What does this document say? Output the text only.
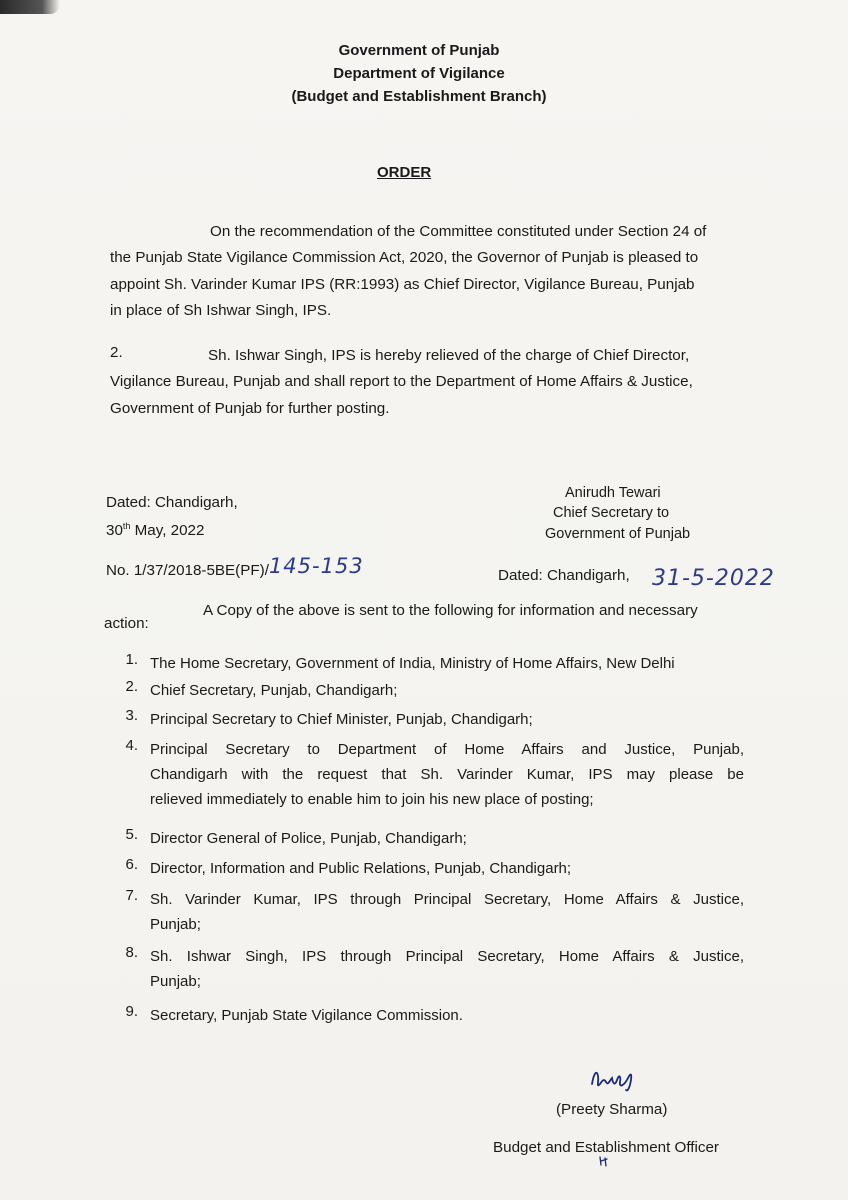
Government of Punjab
Department of Vigilance
(Budget and Establishment Branch)
ORDER
On the recommendation of the Committee constituted under Section 24 of
the Punjab State Vigilance Commission Act, 2020, the Governor of Punjab is pleased to
appoint Sh. Varinder Kumar IPS (RR:1993) as Chief Director, Vigilance Bureau, Punjab
in place of Sh Ishwar Singh, IPS.
2.	Sh. Ishwar Singh, IPS is hereby relieved of the charge of Chief Director,
Vigilance Bureau, Punjab and shall report to the Department of Home Affairs & Justice,
Government of Punjab for further posting.
Dated: Chandigarh,
30th May, 2022
Anirudh Tewari
Chief Secretary to
Government of Punjab
No. 1/37/2018-5BE(PF)/145-153	Dated: Chandigarh, 31-5-2022
A Copy of the above is sent to the following for information and necessary
action:
1. The Home Secretary, Government of India, Ministry of Home Affairs, New Delhi
2. Chief Secretary, Punjab, Chandigarh;
3. Principal Secretary to Chief Minister, Punjab, Chandigarh;
4. Principal Secretary to Department of Home Affairs and Justice, Punjab,
Chandigarh with the request that Sh. Varinder Kumar, IPS may please be
relieved immediately to enable him to join his new place of posting;
5. Director General of Police, Punjab, Chandigarh;
6. Director, Information and Public Relations, Punjab, Chandigarh;
7. Sh. Varinder Kumar, IPS through Principal Secretary, Home Affairs & Justice,
Punjab;
8. Sh. Ishwar Singh, IPS through Principal Secretary, Home Affairs & Justice,
Punjab;
9. Secretary, Punjab State Vigilance Commission.
(Preety Sharma)
Budget and Establishment Officer
